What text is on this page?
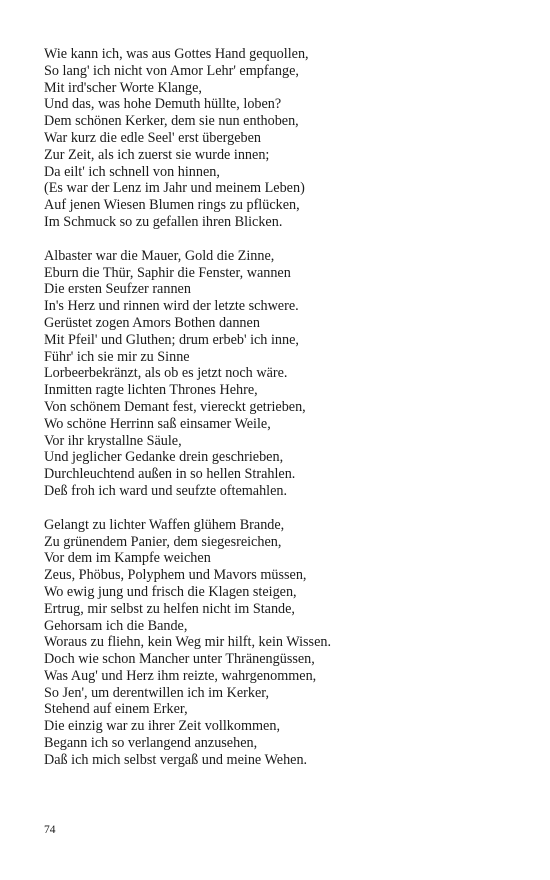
Wie kann ich, was aus Gottes Hand gequollen,
So lang' ich nicht von Amor Lehr' empfange,
Mit ird'scher Worte Klange,
Und das, was hohe Demuth hüllte, loben?
Dem schönen Kerker, dem sie nun enthoben,
War kurz die edle Seel' erst übergeben
Zur Zeit, als ich zuerst sie wurde innen;
Da eilt' ich schnell von hinnen,
(Es war der Lenz im Jahr und meinem Leben)
Auf jenen Wiesen Blumen rings zu pflücken,
Im Schmuck so zu gefallen ihren Blicken.
Albaster war die Mauer, Gold die Zinne,
Eburn die Thür, Saphir die Fenster, wannen
Die ersten Seufzer rannen
In's Herz und rinnen wird der letzte schwere.
Gerüstet zogen Amors Bothen dannen
Mit Pfeil' und Gluthen; drum erbeb' ich inne,
Führ' ich sie mir zu Sinne
Lorbeerbekränzt, als ob es jetzt noch wäre.
Inmitten ragte lichten Thrones Hehre,
Von schönem Demant fest, viereckt getrieben,
Wo schöne Herrinn saß einsamer Weile,
Vor ihr krystallne Säule,
Und jeglicher Gedanke drein geschrieben,
Durchleuchtend außen in so hellen Strahlen.
Deß froh ich ward und seufzte oftemahlen.
Gelangt zu lichter Waffen glühem Brande,
Zu grünendem Panier, dem siegesreichen,
Vor dem im Kampfe weichen
Zeus, Phöbus, Polyphem und Mavors müssen,
Wo ewig jung und frisch die Klagen steigen,
Ertrug, mir selbst zu helfen nicht im Stande,
Gehorsam ich die Bande,
Woraus zu fliehn, kein Weg mir hilft, kein Wissen.
Doch wie schon Mancher unter Thränengüssen,
Was Aug' und Herz ihm reizte, wahrgenommen,
So Jen', um derentwillen ich im Kerker,
Stehend auf einem Erker,
Die einzig war zu ihrer Zeit vollkommen,
Begann ich so verlangend anzusehen,
Daß ich mich selbst vergaß und meine Wehen.
74
